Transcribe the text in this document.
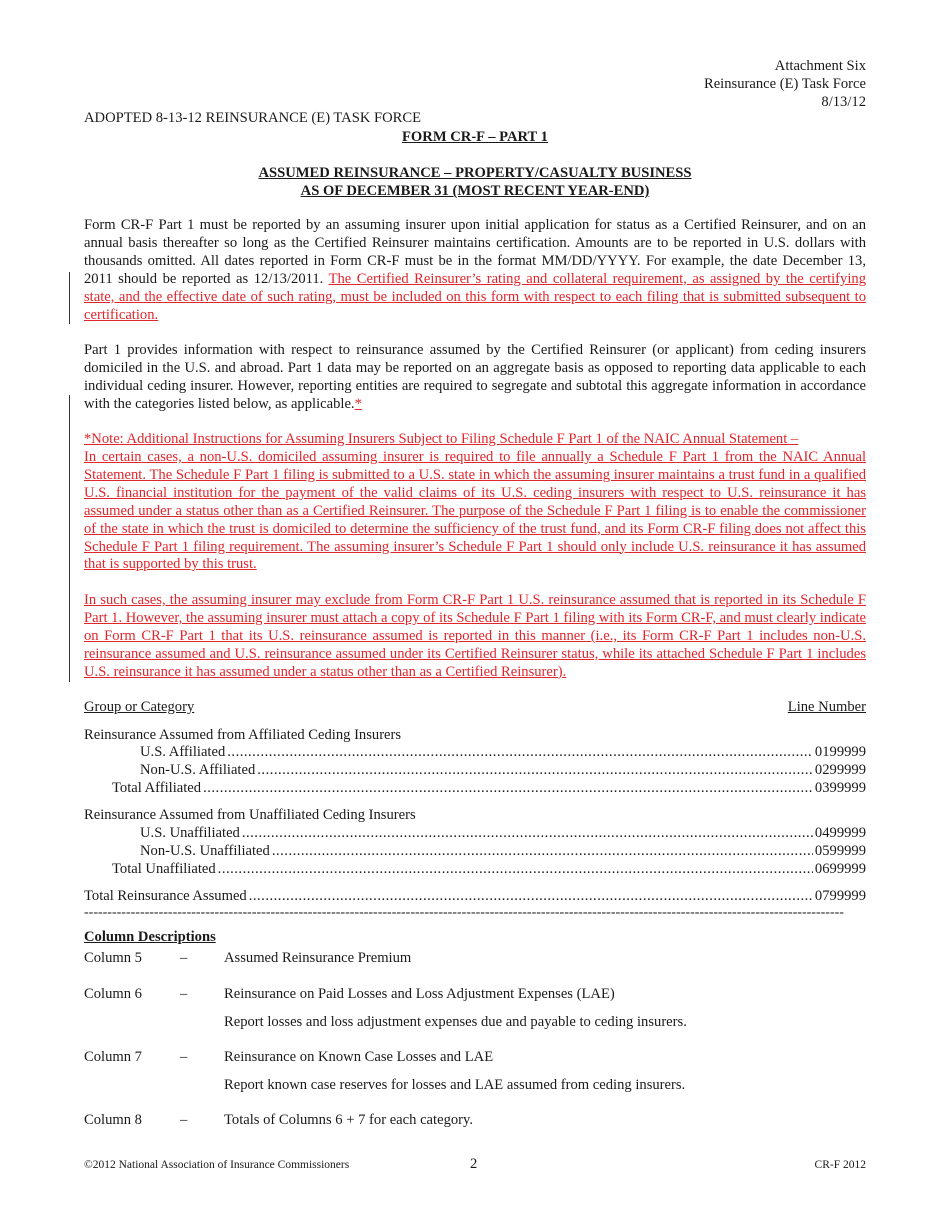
Attachment Six
Reinsurance (E) Task Force
8/13/12
ADOPTED 8-13-12 REINSURANCE (E) TASK FORCE
FORM CR-F – PART 1
ASSUMED REINSURANCE – PROPERTY/CASUALTY BUSINESS
AS OF DECEMBER 31 (MOST RECENT YEAR-END)
Form CR-F Part 1 must be reported by an assuming insurer upon initial application for status as a Certified Reinsurer, and on an annual basis thereafter so long as the Certified Reinsurer maintains certification. Amounts are to be reported in U.S. dollars with thousands omitted. All dates reported in Form CR-F must be in the format MM/DD/YYYY. For example, the date December 13, 2011 should be reported as 12/13/2011. The Certified Reinsurer’s rating and collateral requirement, as assigned by the certifying state, and the effective date of such rating, must be included on this form with respect to each filing that is submitted subsequent to certification.
Part 1 provides information with respect to reinsurance assumed by the Certified Reinsurer (or applicant) from ceding insurers domiciled in the U.S. and abroad. Part 1 data may be reported on an aggregate basis as opposed to reporting data applicable to each individual ceding insurer. However, reporting entities are required to segregate and subtotal this aggregate information in accordance with the categories listed below, as applicable.*
*Note: Additional Instructions for Assuming Insurers Subject to Filing Schedule F Part 1 of the NAIC Annual Statement –
In certain cases, a non-U.S. domiciled assuming insurer is required to file annually a Schedule F Part 1 from the NAIC Annual Statement. The Schedule F Part 1 filing is submitted to a U.S. state in which the assuming insurer maintains a trust fund in a qualified U.S. financial institution for the payment of the valid claims of its U.S. ceding insurers with respect to U.S. reinsurance it has assumed under a status other than as a Certified Reinsurer. The purpose of the Schedule F Part 1 filing is to enable the commissioner of the state in which the trust is domiciled to determine the sufficiency of the trust fund, and its Form CR-F filing does not affect this Schedule F Part 1 filing requirement. The assuming insurer’s Schedule F Part 1 should only include U.S. reinsurance it has assumed that is supported by this trust.
In such cases, the assuming insurer may exclude from Form CR-F Part 1 U.S. reinsurance assumed that is reported in its Schedule F Part 1. However, the assuming insurer must attach a copy of its Schedule F Part 1 filing with its Form CR-F, and must clearly indicate on Form CR-F Part 1 that its U.S. reinsurance assumed is reported in this manner (i.e., its Form CR-F Part 1 includes non-U.S. reinsurance assumed and U.S. reinsurance assumed under its Certified Reinsurer status, while its attached Schedule F Part 1 includes U.S. reinsurance it has assumed under a status other than as a Certified Reinsurer).
Group or Category	Line Number
Reinsurance Assumed from Affiliated Ceding Insurers
U.S. Affiliated .....	0199999
Non-U.S. Affiliated .....	0299999
Total Affiliated .....	0399999
Reinsurance Assumed from Unaffiliated Ceding Insurers
U.S. Unaffiliated .....	0499999
Non-U.S. Unaffiliated .....	0599999
Total Unaffiliated .....	0699999
Total Reinsurance Assumed .....	0799999
-------------------------------------------------------------------------------------------------------------------------------------------------------------------
Column Descriptions
Column 5	–	Assumed Reinsurance Premium
Column 6	–	Reinsurance on Paid Losses and Loss Adjustment Expenses (LAE)
Report losses and loss adjustment expenses due and payable to ceding insurers.
Column 7	–	Reinsurance on Known Case Losses and LAE
Report known case reserves for losses and LAE assumed from ceding insurers.
Column 8	–	Totals of Columns 6 + 7 for each category.
©2012 National Association of Insurance Commissioners	2	CR-F 2012
